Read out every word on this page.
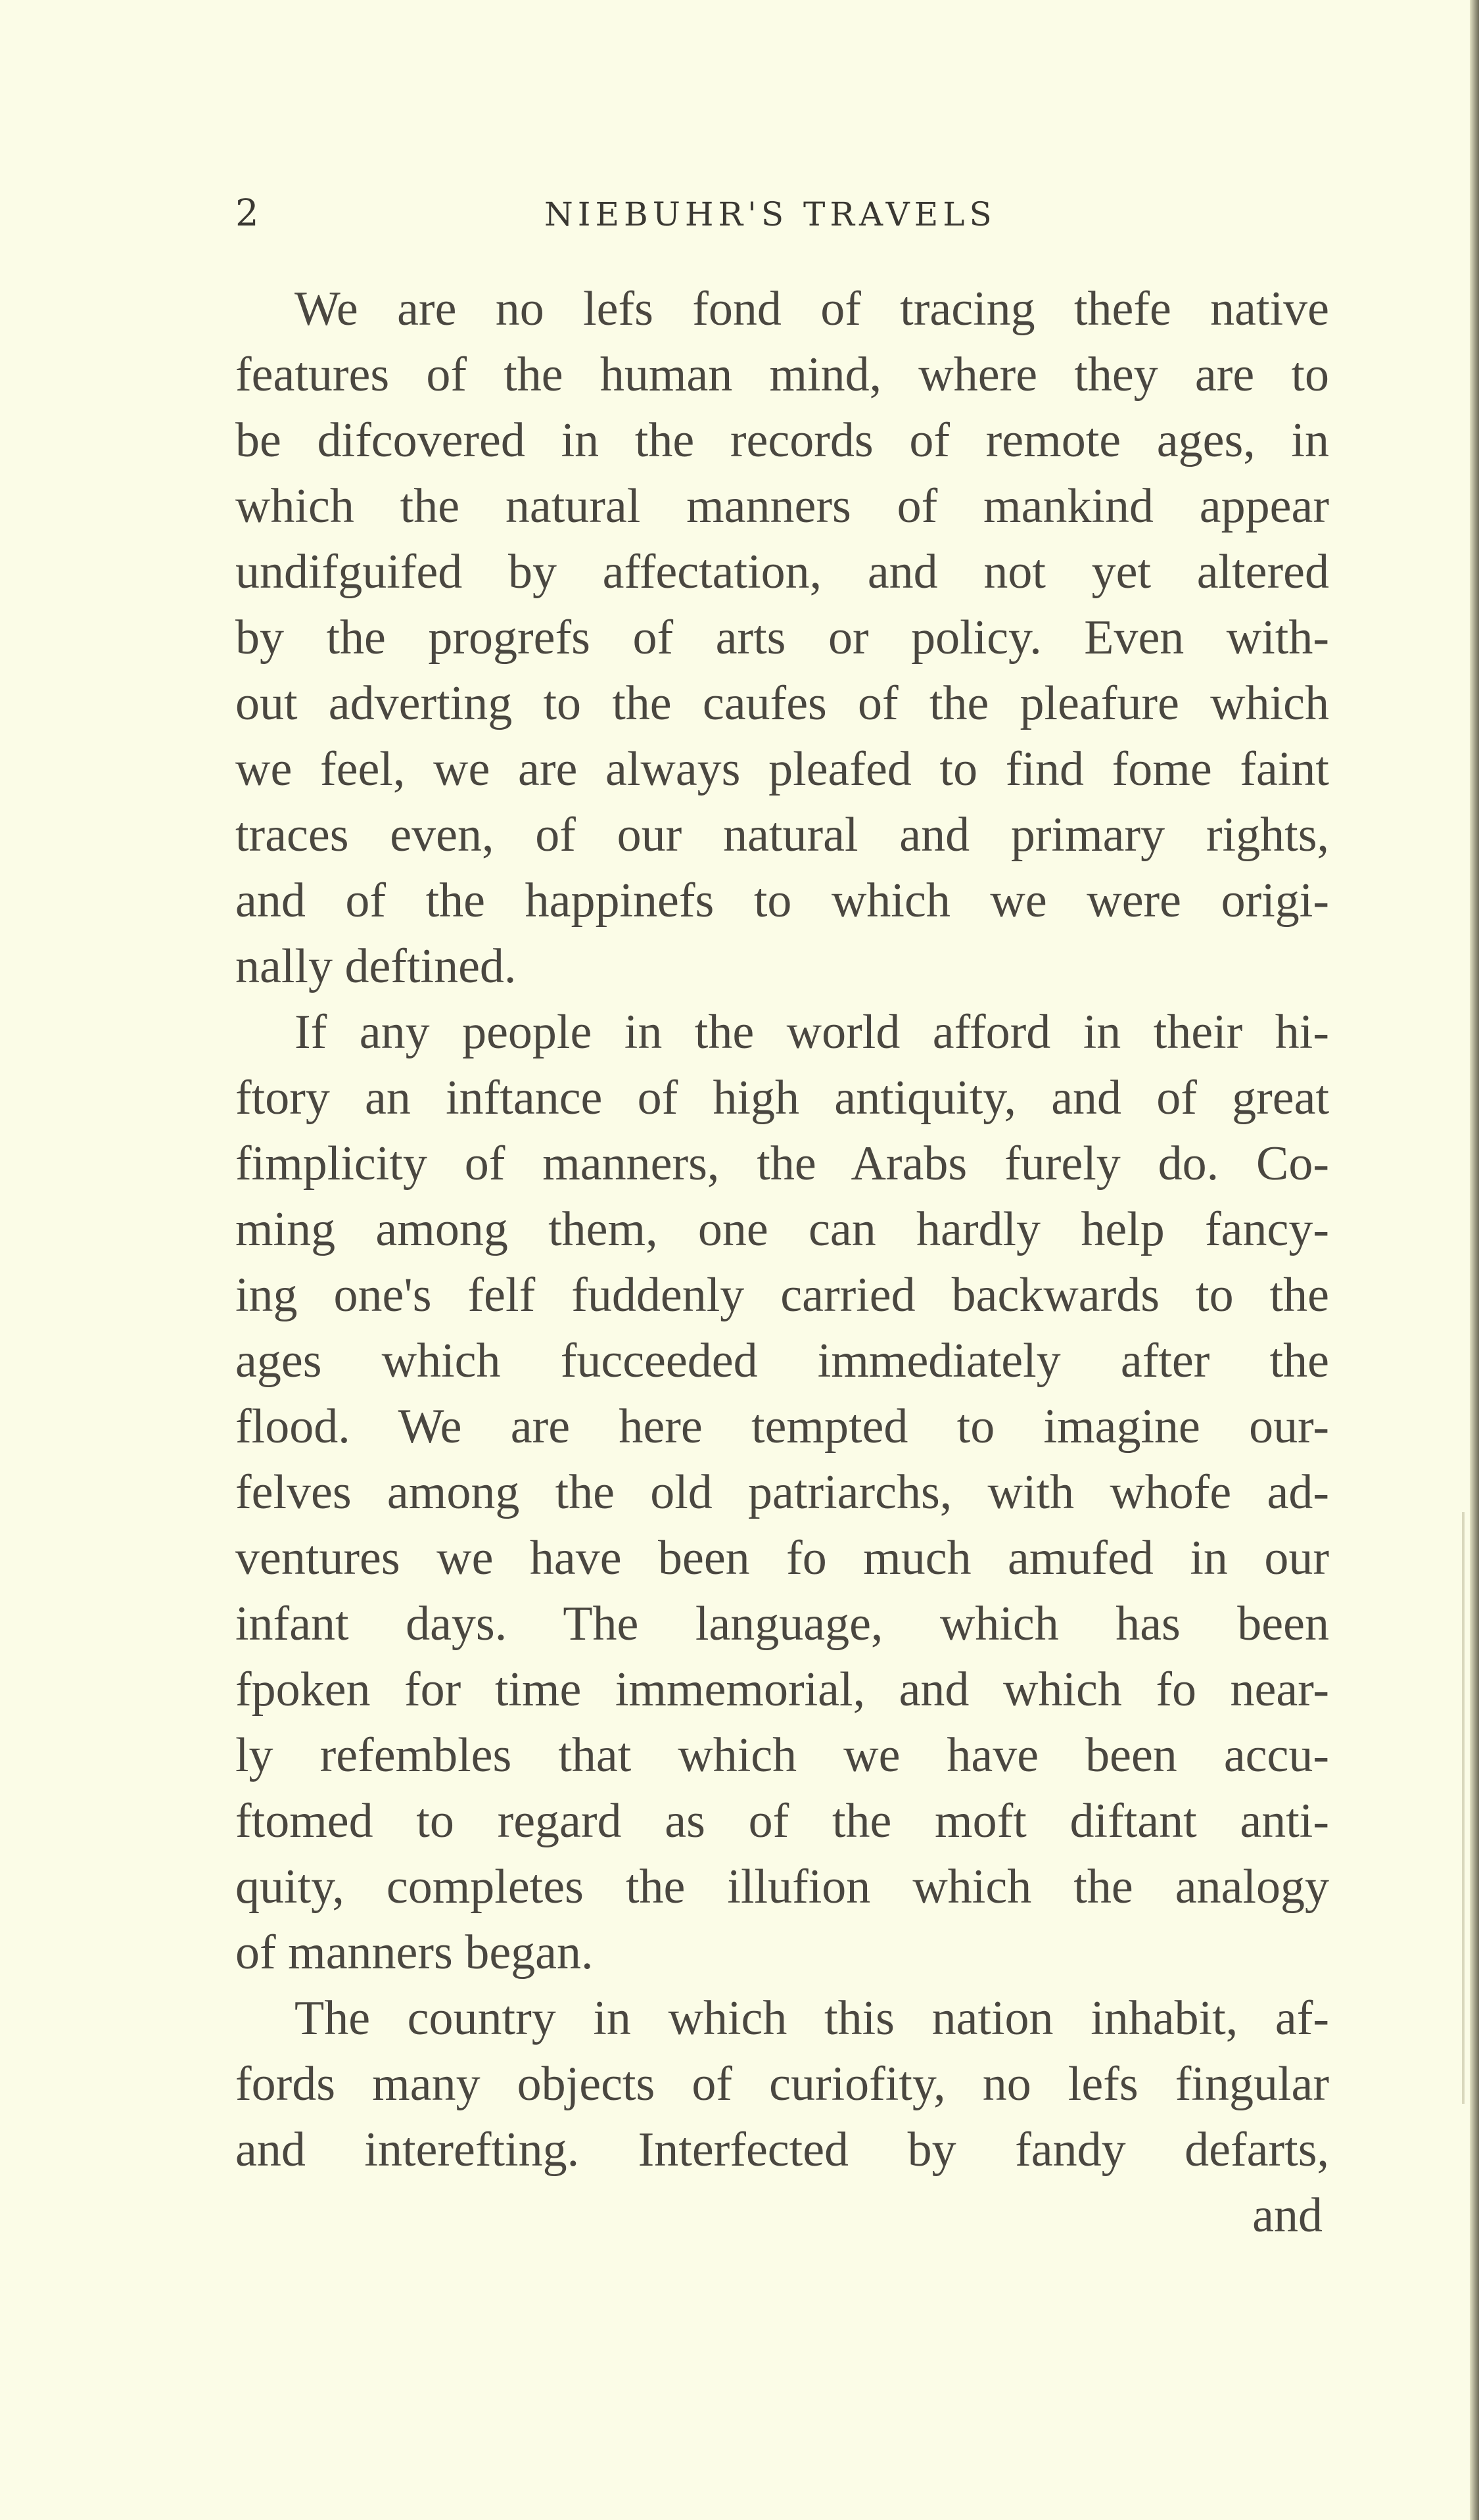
2	NIEBUHR'S TRAVELS
We are no lefs fond of tracing thefe native
features of the human mind, where they are to
be difcovered in the records of remote ages, in
which the natural manners of mankind appear
undifguifed by affectation, and not yet altered
by the progrefs of arts or policy. Even with-
out adverting to the caufes of the pleafure which
we feel, we are always pleafed to find fome faint
traces even, of our natural and primary rights,
and of the happinefs to which we were origi-
nally deftined.
If any people in the world afford in their hi-
ftory an inftance of high antiquity, and of great
fimplicity of manners, the Arabs furely do. Co-
ming among them, one can hardly help fancy-
ing one's felf fuddenly carried backwards to the
ages which fucceeded immediately after the
flood. We are here tempted to imagine our-
felves among the old patriarchs, with whofe ad-
ventures we have been fo much amufed in our
infant days. The language, which has been
fpoken for time immemorial, and which fo near-
ly refembles that which we have been accu-
ftomed to regard as of the moft diftant anti-
quity, completes the illufion which the analogy
of manners began.
The country in which this nation inhabit, af-
fords many objects of curiofity, no lefs fingular
and interefting. Interfected by fandy defarts,
and
